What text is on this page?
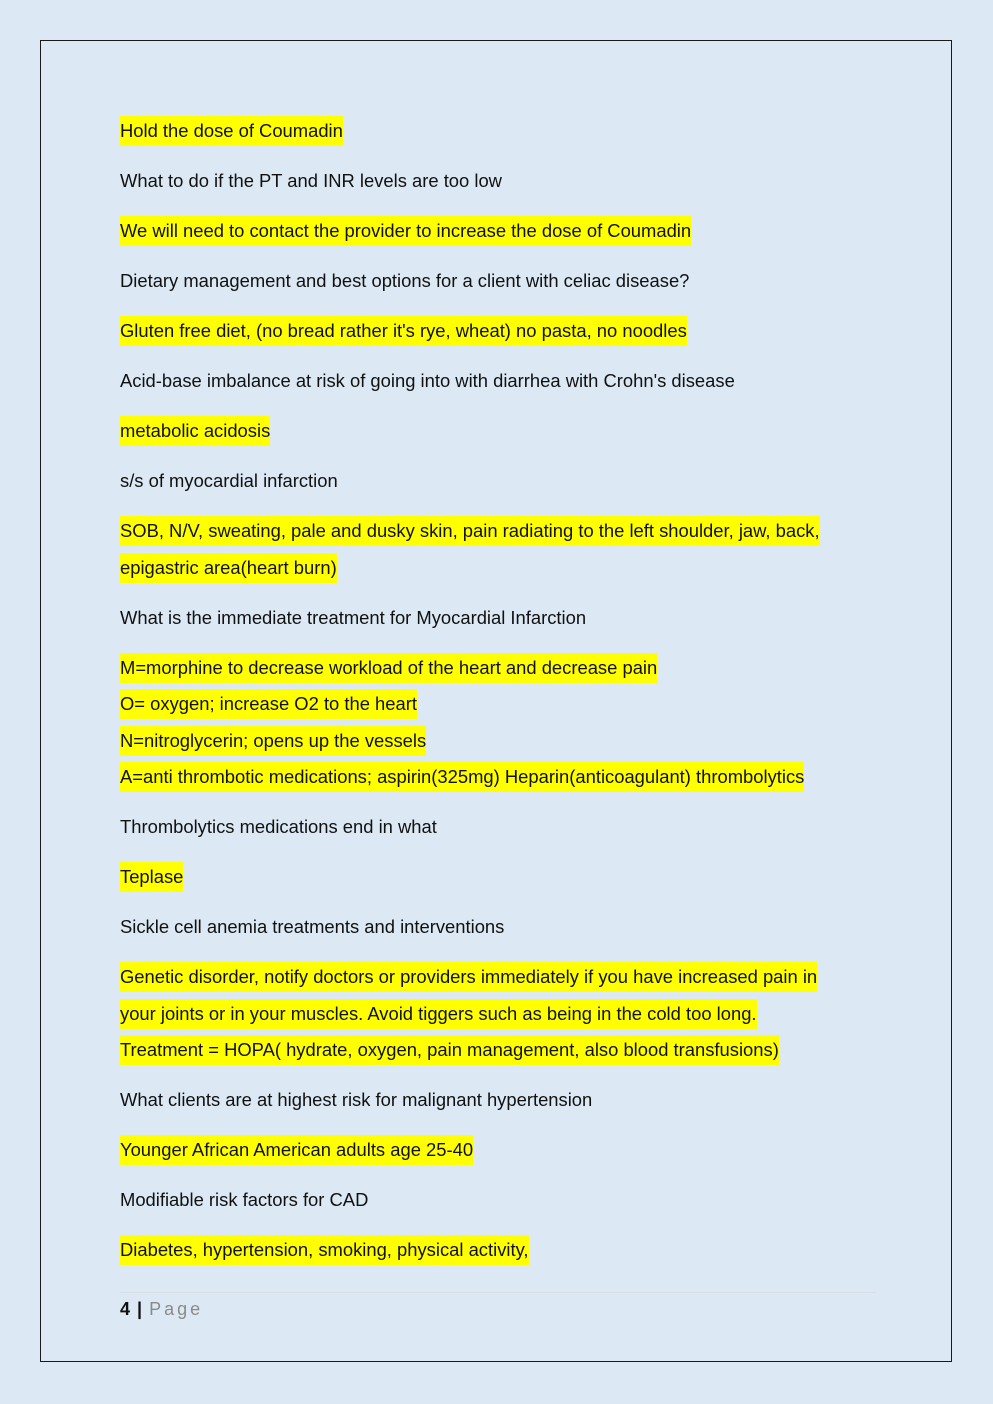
Hold the dose of Coumadin
What to do if the PT and INR levels are too low
We will need to contact the provider to increase the dose of Coumadin
Dietary management and best options for a client with celiac disease?
Gluten free diet, (no bread rather it's rye, wheat) no pasta, no noodles
Acid-base imbalance at risk of going into with diarrhea with Crohn's disease
metabolic acidosis
s/s of myocardial infarction
SOB, N/V, sweating, pale and dusky skin, pain radiating to the left shoulder, jaw, back,
epigastric area(heart burn)
What is the immediate treatment for Myocardial Infarction
M=morphine to decrease workload of the heart and decrease pain
O= oxygen; increase O2 to the heart
N=nitroglycerin; opens up the vessels
A=anti thrombotic medications; aspirin(325mg) Heparin(anticoagulant) thrombolytics
Thrombolytics medications end in what
Teplase
Sickle cell anemia treatments and interventions
Genetic disorder, notify doctors or providers immediately if you have increased pain in
your joints or in your muscles. Avoid tiggers such as being in the cold too long.
Treatment = HOPA( hydrate, oxygen, pain management, also blood transfusions)
What clients are at highest risk for malignant hypertension
Younger African American adults age 25-40
Modifiable risk factors for CAD
Diabetes, hypertension, smoking, physical activity,
4 | Page
